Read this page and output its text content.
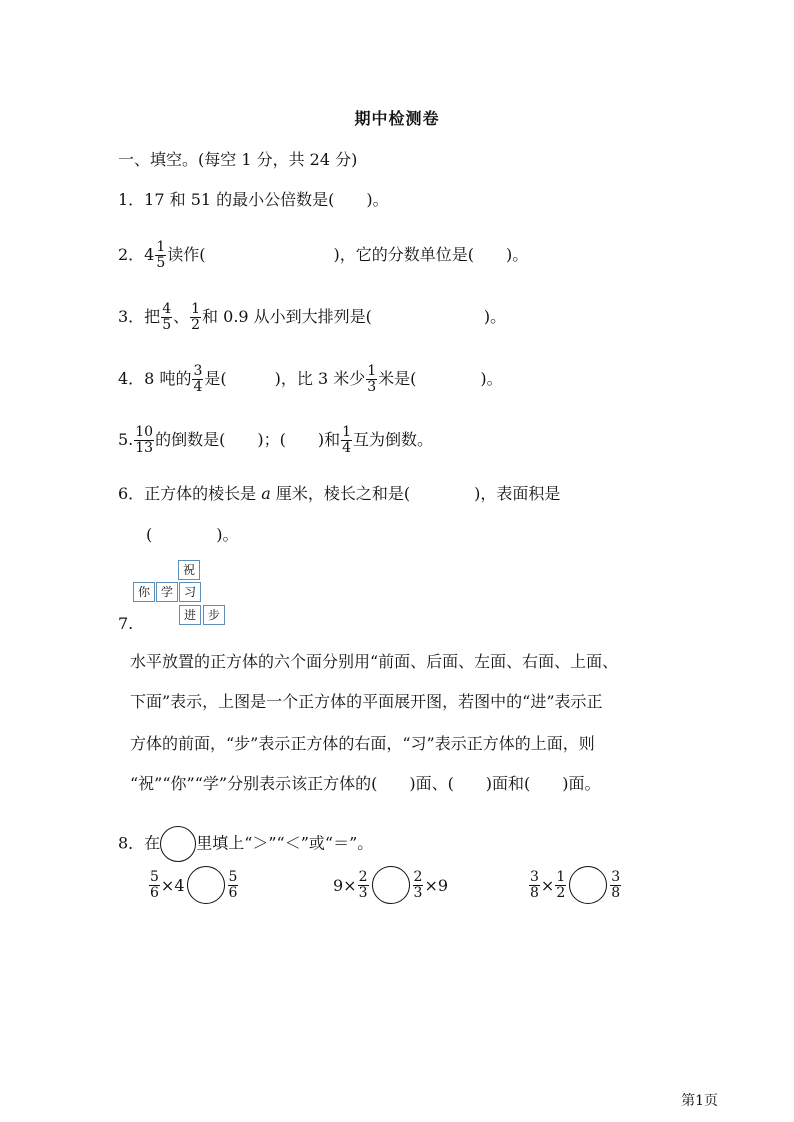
期中检测卷
一、填空。(每空 1 分，共 24 分)
1．17 和 51 的最小公倍数是(　　)。
2．$4 \frac{1}{5}$ 读作(　　　　　　　　)，它的分数单位是(　　)。
3．把 $\frac{4}{5}$ 、 $\frac{1}{2}$ 和 0.9 从小到大排列是(　　　　　　　)。
4．8 吨的 $\frac{3}{4}$ 是(　　　)，比 3 米少 $\frac{1}{3}$ 米是(　　　　)。
5. $\frac{10}{13}$ 的倒数是(　　)；(　　)和 $\frac{1}{4}$ 互为倒数。
6．正方体的棱长是 a 厘米，棱长之和是(　　　　)，表面积是
(　　　　)。
祝
你 学 习
进 步
7.
水平放置的正方体的六个面分别用“前面、后面、左面、右面、上面、
下面”表示，上图是一个正方体的平面展开图，若图中的“进”表示正
方体的前面，“步”表示正方体的右面，“习”表示正方体的上面，则
“祝”“你”“学”分别表示该正方体的(　　)面、(　　)面和(　　)面。
8．在 里填上“＞”“＜”或“＝”。
$\frac{5}{6} \times 4$	$\frac{5}{6}$	$9\times \frac{2}{3}$	$\frac{2}{3} \times 9$	$\frac{3}{8} \times \frac{1}{2}$	$\frac{3}{8}$
第1页
